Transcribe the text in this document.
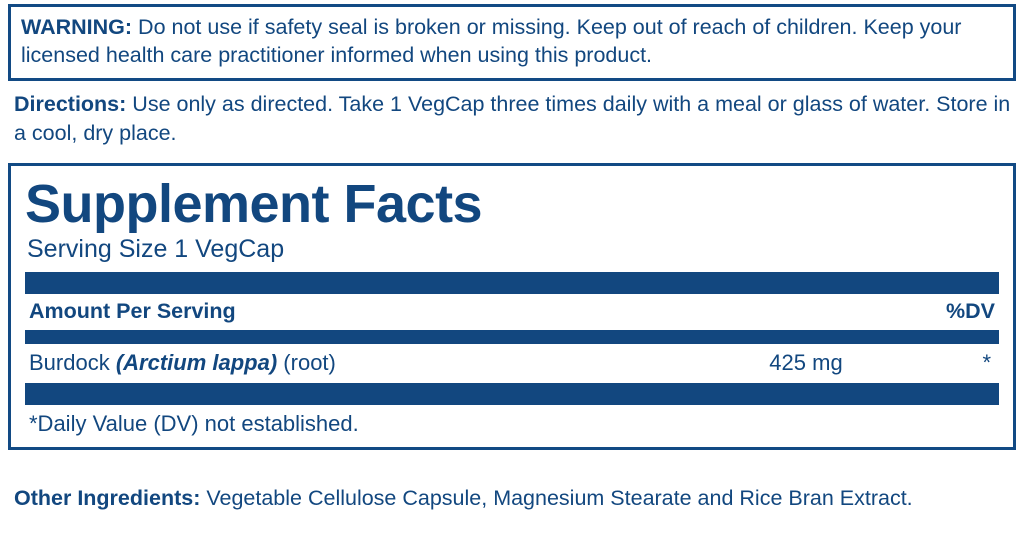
WARNING: Do not use if safety seal is broken or missing. Keep out of reach of children. Keep your licensed health care practitioner informed when using this product.
Directions: Use only as directed. Take 1 VegCap three times daily with a meal or glass of water. Store in a cool, dry place.
Supplement Facts
Serving Size 1 VegCap
Amount Per Serving	%DV
Burdock (Arctium lappa) (root)	425 mg	*
*Daily Value (DV) not established.
Other Ingredients: Vegetable Cellulose Capsule, Magnesium Stearate and Rice Bran Extract.
